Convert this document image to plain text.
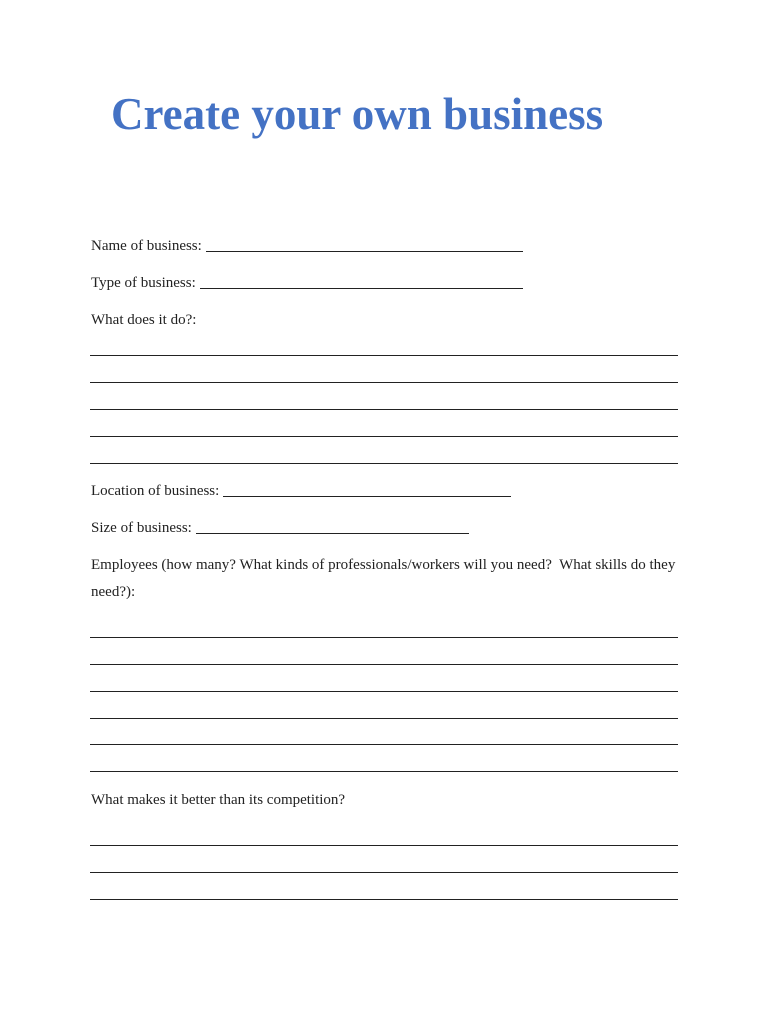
Create your own business
Name of business:
Type of business:
What does it do?:
Location of business:
Size of business:
Employees (how many? What kinds of professionals/workers will you need?  What skills do they need?):
What makes it better than its competition?
